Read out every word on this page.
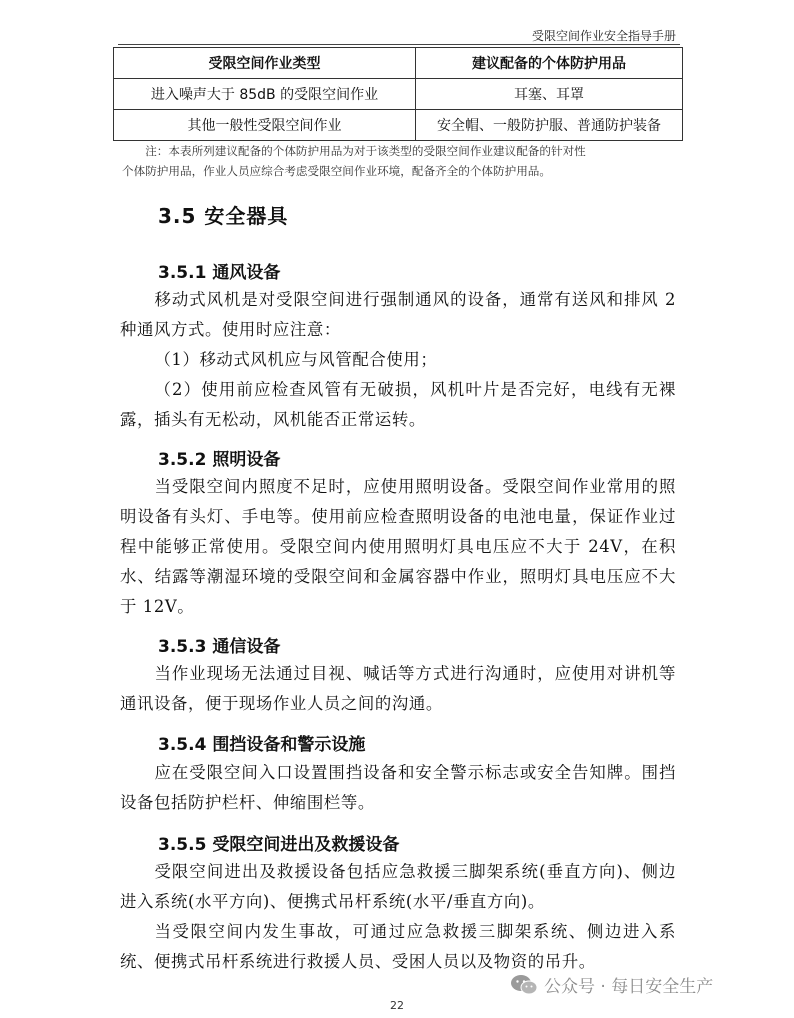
受限空间作业安全指导手册
受限空间作业类型	建议配备的个体防护用品
进入噪声大于 85dB 的受限空间作业	耳塞、耳罩
其他一般性受限空间作业	安全帽、一般防护服、普通防护装备
注：本表所列建议配备的个体防护用品为对于该类型的受限空间作业建议配备的针对性
个体防护用品，作业人员应综合考虑受限空间作业环境，配备齐全的个体防护用品。
3.5 安全器具
3.5.1 通风设备

移动式风机是对受限空间进行强制通风的设备，通常有送风和排风 2 种通风方式。使用时应注意：

（1）移动式风机应与风管配合使用；

（2）使用前应检查风管有无破损，风机叶片是否完好，电线有无裸露，插头有无松动，风机能否正常运转。

3.5.2 照明设备

当受限空间内照度不足时，应使用照明设备。受限空间作业常用的照明设备有头灯、手电等。使用前应检查照明设备的电池电量，保证作业过程中能够正常使用。受限空间内使用照明灯具电压应不大于 24V，在积水、结露等潮湿环境的受限空间和金属容器中作业，照明灯具电压应不大于 12V。

3.5.3 通信设备

当作业现场无法通过目视、喊话等方式进行沟通时，应使用对讲机等通讯设备，便于现场作业人员之间的沟通。

3.5.4 围挡设备和警示设施

应在受限空间入口设置围挡设备和安全警示标志或安全告知牌。围挡设备包括防护栏杆、伸缩围栏等。

3.5.5 受限空间进出及救援设备

受限空间进出及救援设备包括应急救援三脚架系统(垂直方向)、侧边进入系统(水平方向)、便携式吊杆系统(水平/垂直方向)。

当受限空间内发生事故，可通过应急救援三脚架系统、侧边进入系统、便携式吊杆系统进行救援人员、受困人员以及物资的吊升。

22
公众号 · 每日安全生产
